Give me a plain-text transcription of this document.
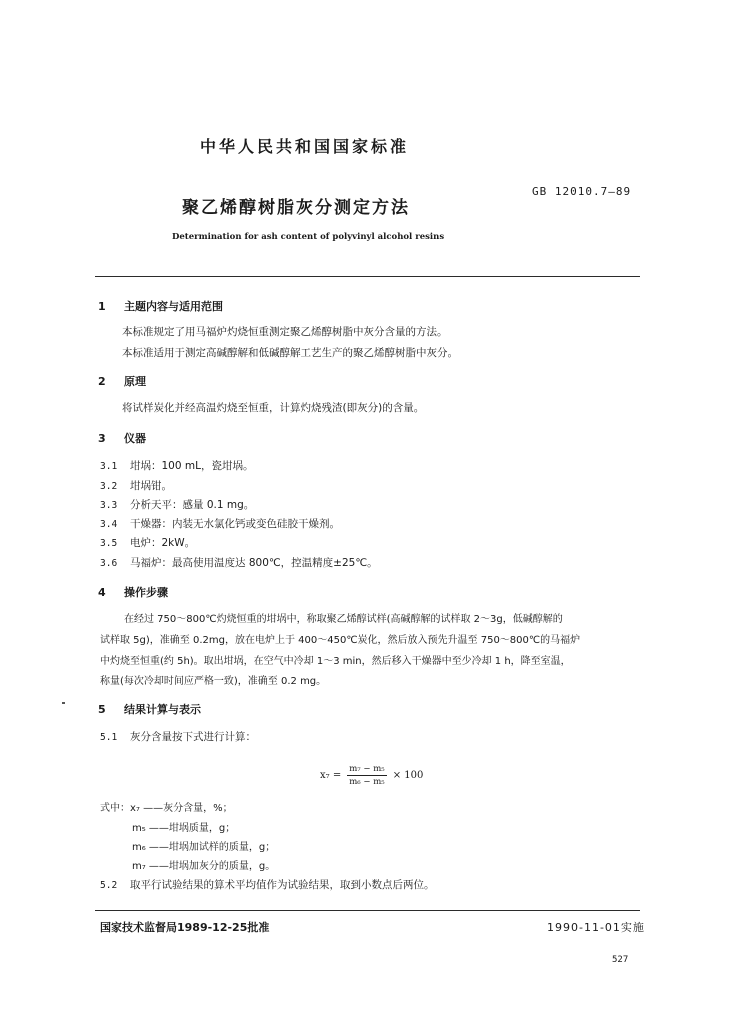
中华人民共和国国家标准
GB 12010.7—89
聚乙烯醇树脂灰分测定方法
Determination for ash content of polyvinyl alcohol resins
1 主题内容与适用范围
本标准规定了用马福炉灼烧恒重测定聚乙烯醇树脂中灰分含量的方法。
本标准适用于测定高碱醇解和低碱醇解工艺生产的聚乙烯醇树脂中灰分。
2 原理
将试样炭化并经高温灼烧至恒重，计算灼烧残渣(即灰分)的含量。
3 仪器
3.1 坩埚：100 mL，瓷坩埚。
3.2 坩埚钳。
3.3 分析天平：感量 0.1 mg。
3.4 干燥器：内装无水氯化钙或变色硅胶干燥剂。
3.5 电炉：2kW。
3.6 马福炉：最高使用温度达 800℃，控温精度±25℃。
4 操作步骤
在经过 750～800℃灼烧恒重的坩埚中，称取聚乙烯醇试样(高碱醇解的试样取 2～3g，低碱醇解的
试样取 5g)，准确至 0.2mg，放在电炉上于 400～450℃炭化，然后放入预先升温至 750～800℃的马福炉
中灼烧至恒重(约 5h)。取出坩埚，在空气中冷却 1～3 min，然后移入干燥器中至少冷却 1 h，降至室温，
称量(每次冷却时间应严格一致)，准确至 0.2 mg。
5 结果计算与表示
5.1 灰分含量按下式进行计算：
$x_7 = \frac{\text{m₇ − m₅}}{\text{m₆ − m₅}} \times 100$
式中：x₇ ——灰分含量，%；
m₅ ——坩埚质量，g；
m₆ ——坩埚加试样的质量，g；
m₇ ——坩埚加灰分的质量，g。
5.2 取平行试验结果的算术平均值作为试验结果，取到小数点后两位。
国家技术监督局1989-12-25批准	1990-11-01实施
527
